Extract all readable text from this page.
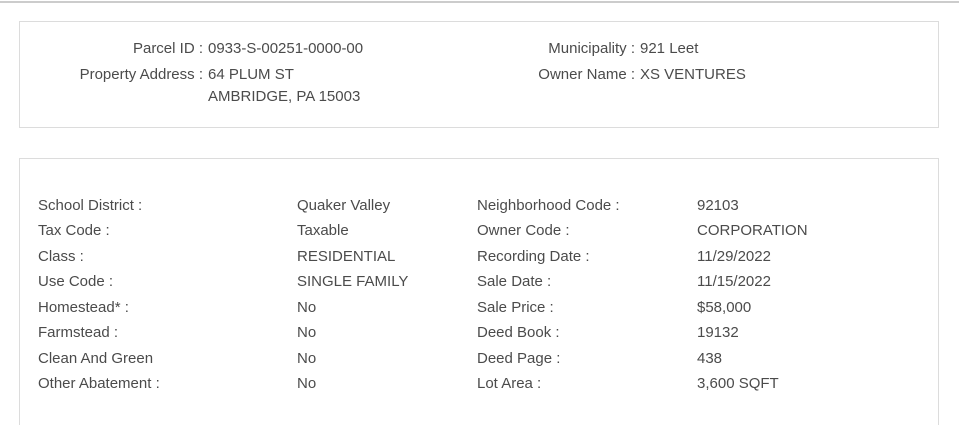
Parcel ID : 0933-S-00251-0000-00
Property Address : 64 PLUM ST
AMBRIDGE, PA 15003
Municipality : 921 Leet
Owner Name : XS VENTURES
School District :	Quaker Valley	Neighborhood Code :	92103
Tax Code :	Taxable	Owner Code :	CORPORATION
Class :	RESIDENTIAL	Recording Date :	11/29/2022
Use Code :	SINGLE FAMILY	Sale Date :	11/15/2022
Homestead* :	No	Sale Price :	$58,000
Farmstead :	No	Deed Book :	19132
Clean And Green	No	Deed Page :	438
Other Abatement :	No	Lot Area :	3,600 SQFT
